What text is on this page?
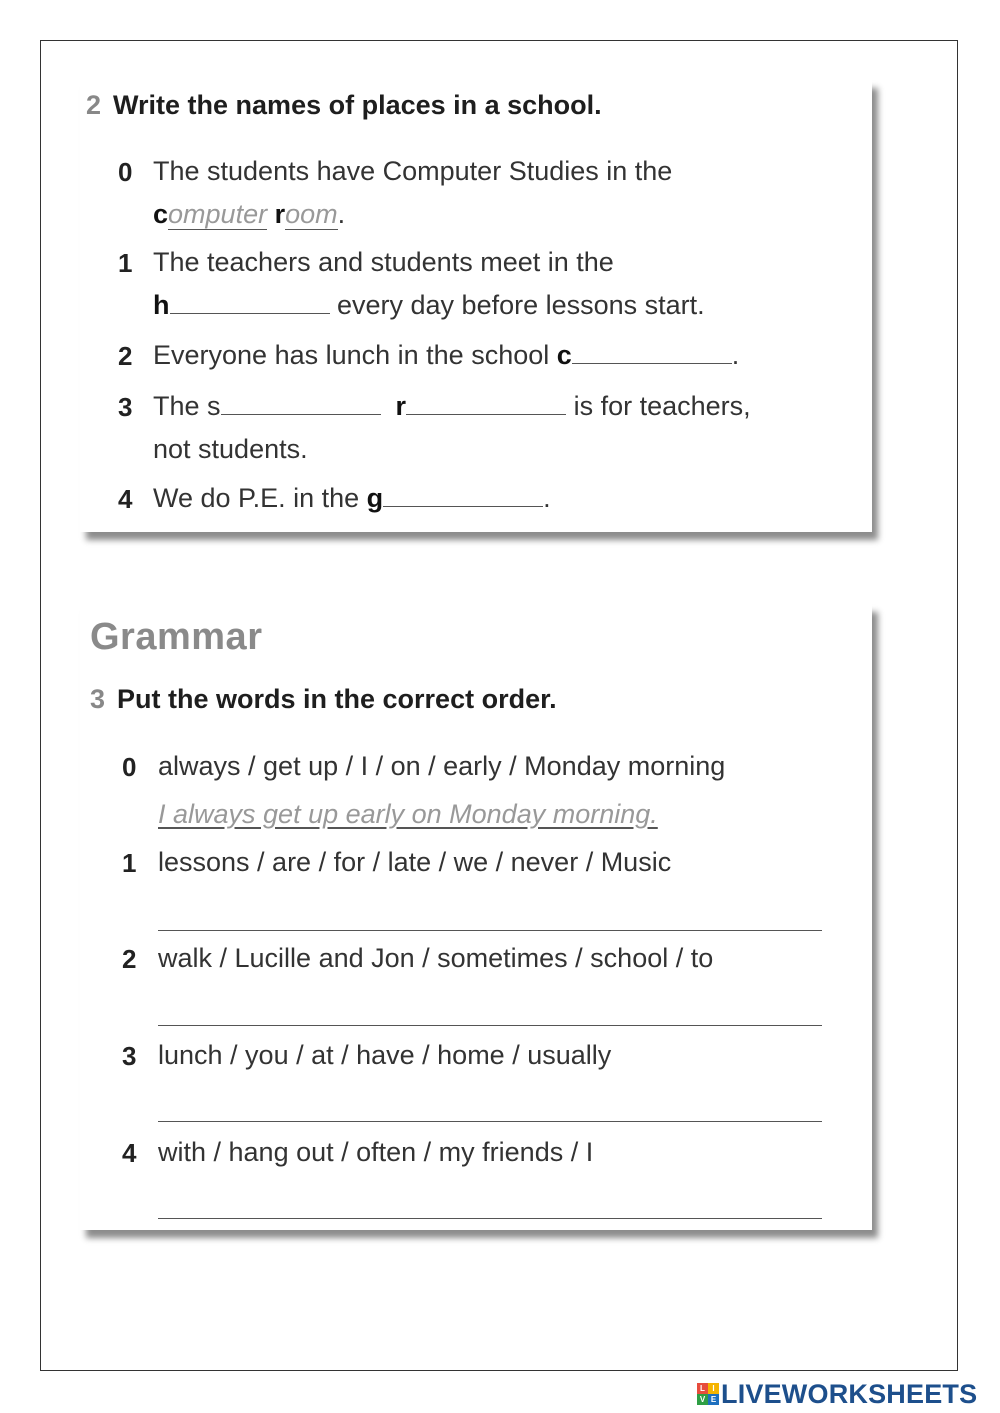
2 Write the names of places in a school.
0 The students have Computer Studies in the
computer room.
1 The teachers and students meet in the
h	every day before lessons start.
2 Everyone has lunch in the school c	.
3 The s	r	is for teachers,
not students.
4 We do P.E. in the g	.
Grammar
3 Put the words in the correct order.
0 always / get up / I / on / early / Monday morning
I always get up early on Monday morning.
1 lessons / are / for / late / we / never / Music
2 walk / Lucille and Jon / sometimes / school / to
3 lunch / you / at / have / home / usually
4 with / hang out / often / my friends / I
L I
V E LIVEWORKSHEETS
